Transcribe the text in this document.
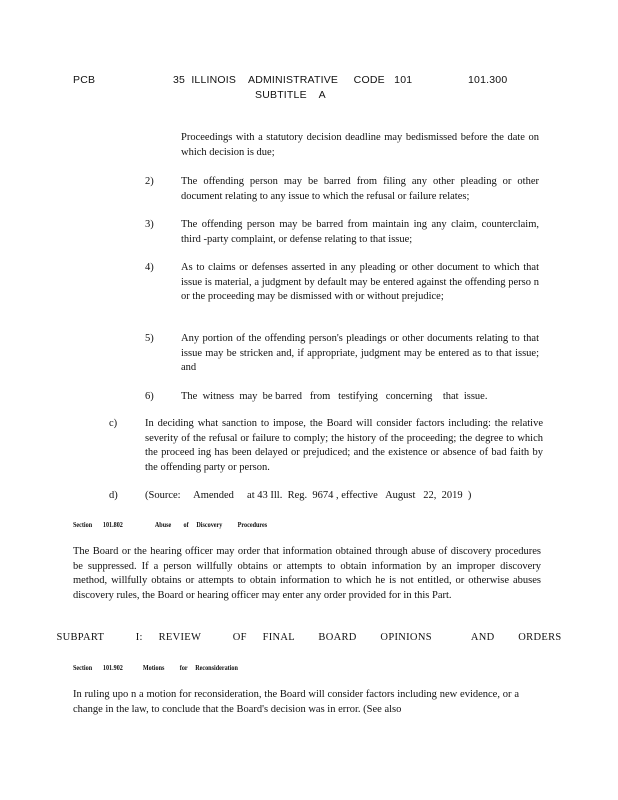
PCB	35  ILLINOIS    ADMINISTRATIVE     CODE   101
SUBTITLE    A
101.300

Proceedings with a statutory decision deadline may bedismissed before the date on which decision is due;

2)	The offending person may be barred from filing any other pleading or other document relating to any issue to which the refusal or failure relates;

3)	The offending person may be barred from maintain ing any claim, counterclaim, third -party complaint, or defense relating to that issue;

4)	As to claims or defenses asserted in any pleading or other document to which that issue is material, a judgment by default may be entered against the offending perso n or the proceeding may be dismissed with or without prejudice;

5)	Any portion of the offending person's pleadings or other documents relating to that issue may be stricken and, if appropriate, judgment may be entered as to that issue; and

6)	The  witness  may  be barred   from   testifying   concerning    that  issue.

c)	In deciding what sanction to impose, the Board will consider factors including: the relative severity of the refusal or failure to comply; the history of the proceeding; the degree to which the proceed ing has been delayed or prejudiced; and the existence or absence of bad faith by the offending party or person.

d)	(Source:     Amended     at 43 Ill.  Reg.  9674 , effective   August   22,  2019  )

Section       101.802                     Abuse        of     Discovery          Procedures

The Board or the hearing officer may order that information obtained through abuse of discovery procedures be suppressed. If a person willfully obtains or attempts to obtain information by an improper discovery method, willfully obtains or attempts to obtain information to which he is not entitled, or otherwise abuses discovery rules, the Board or hearing officer may enter any order provided for in this Part.

SUBPART    I:  REVIEW    OF  FINAL   BOARD   OPINIONS     AND   ORDERS
Section       101.902             Motions          for     Reconsideration

In ruling upo n a motion for reconsideration, the Board will consider factors including new evidence, or a change in the law, to conclude that the Board's decision was in error. (See also
